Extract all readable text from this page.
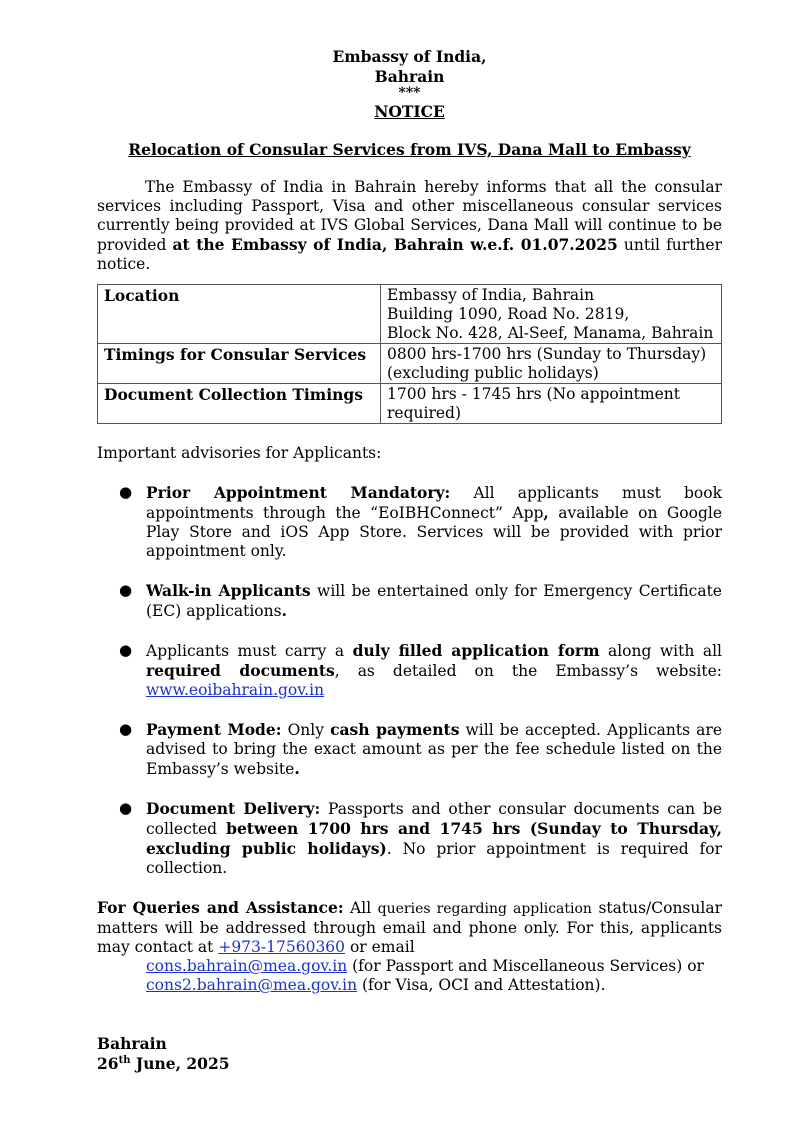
Embassy of India,
Bahrain
***
NOTICE
Relocation of Consular Services from IVS, Dana Mall to Embassy
The Embassy of India in Bahrain hereby informs that all the consular services including Passport, Visa and other miscellaneous consular services currently being provided at IVS Global Services, Dana Mall will continue to be provided at the Embassy of India, Bahrain w.e.f. 01.07.2025 until further notice.
Location	Embassy of India, Bahrain
Building 1090, Road No. 2819,
Block No. 428, Al-Seef, Manama, Bahrain

Timings for Consular Services	0800 hrs-1700 hrs (Sunday to Thursday)
(excluding public holidays)

Document Collection Timings	1700 hrs - 1745 hrs (No appointment required)
Important advisories for Applicants:
● Prior Appointment Mandatory: All applicants must book appointments through the “EoIBHConnect” App, available on Google Play Store and iOS App Store. Services will be provided with prior appointment only.
● Walk-in Applicants will be entertained only for Emergency Certificate (EC) applications.
● Applicants must carry a duly filled application form along with all required documents, as detailed on the Embassy’s website: www.eoibahrain.gov.in
● Payment Mode: Only cash payments will be accepted. Applicants are advised to bring the exact amount as per the fee schedule listed on the Embassy’s website.
● Document Delivery: Passports and other consular documents can be collected between 1700 hrs and 1745 hrs (Sunday to Thursday, excluding public holidays). No prior appointment is required for collection.
For Queries and Assistance: All queries regarding application status/Consular matters will be addressed through email and phone only. For this, applicants may contact at +973-17560360 or email
cons.bahrain@mea.gov.in (for Passport and Miscellaneous Services) or
cons2.bahrain@mea.gov.in (for Visa, OCI and Attestation).
Bahrain
26th June, 2025
